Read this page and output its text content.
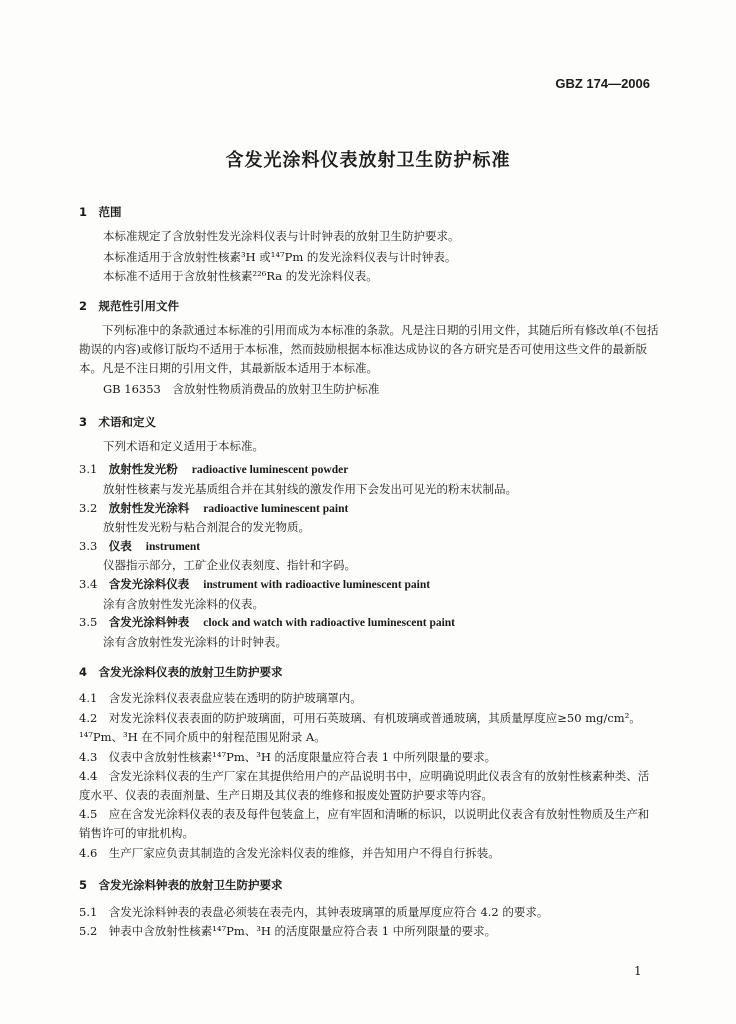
GBZ 174—2006
含发光涂料仪表放射卫生防护标准
1　范围
本标准规定了含放射性发光涂料仪表与计时钟表的放射卫生防护要求。
本标准适用于含放射性核素³H 或¹⁴⁷Pm 的发光涂料仪表与计时钟表。
本标准不适用于含放射性核素²²⁶Ra 的发光涂料仪表。
2　规范性引用文件
下列标准中的条款通过本标准的引用而成为本标准的条款。凡是注日期的引用文件，其随后所有修改单(不包括勘误的内容)或修订版均不适用于本标准，然而鼓励根据本标准达成协议的各方研究是否可使用这些文件的最新版本。凡是不注日期的引用文件，其最新版本适用于本标准。
GB 16353　含放射性物质消费品的放射卫生防护标准
3　术语和定义
下列术语和定义适用于本标准。
3.1　 放射性发光粉 radioactive luminescent powder
放射性核素与发光基质组合并在其射线的激发作用下会发出可见光的粉末状制品。
3.2　 放射性发光涂料 radioactive luminescent paint
放射性发光粉与粘合剂混合的发光物质。
3.3　 仪表 instrument
仪器指示部分，工矿企业仪表刻度、指针和字码。
3.4　 含发光涂料仪表 instrument with radioactive luminescent paint
涂有含放射性发光涂料的仪表。
3.5　 含发光涂料钟表 clock and watch with radioactive luminescent paint
涂有含放射性发光涂料的计时钟表。
4　含发光涂料仪表的放射卫生防护要求
4.1　含发光涂料仪表表盘应装在透明的防护玻璃罩内。
4.2　对发光涂料仪表表面的防护玻璃面，可用石英玻璃、有机玻璃或普通玻璃，其质量厚度应≥50 mg/cm²。¹⁴⁷Pm、³H 在不同介质中的射程范围见附录 A。
4.3　仪表中含放射性核素¹⁴⁷Pm、³H 的活度限量应符合表 1 中所列限量的要求。
4.4　含发光涂料仪表的生产厂家在其提供给用户的产品说明书中，应明确说明此仪表含有的放射性核素种类、活度水平、仪表的表面剂量、生产日期及其仪表的维修和报废处置防护要求等内容。
4.5　应在含发光涂料仪表的表及每件包装盒上，应有牢固和清晰的标识，以说明此仪表含有放射性物质及生产和销售许可的审批机构。
4.6　生产厂家应负责其制造的含发光涂料仪表的维修，并告知用户不得自行拆装。
5　含发光涂料钟表的放射卫生防护要求
5.1　含发光涂料钟表的表盘必须装在表壳内，其钟表玻璃罩的质量厚度应符合 4.2 的要求。
5.2　钟表中含放射性核素¹⁴⁷Pm、³H 的活度限量应符合表 1 中所列限量的要求。
1
